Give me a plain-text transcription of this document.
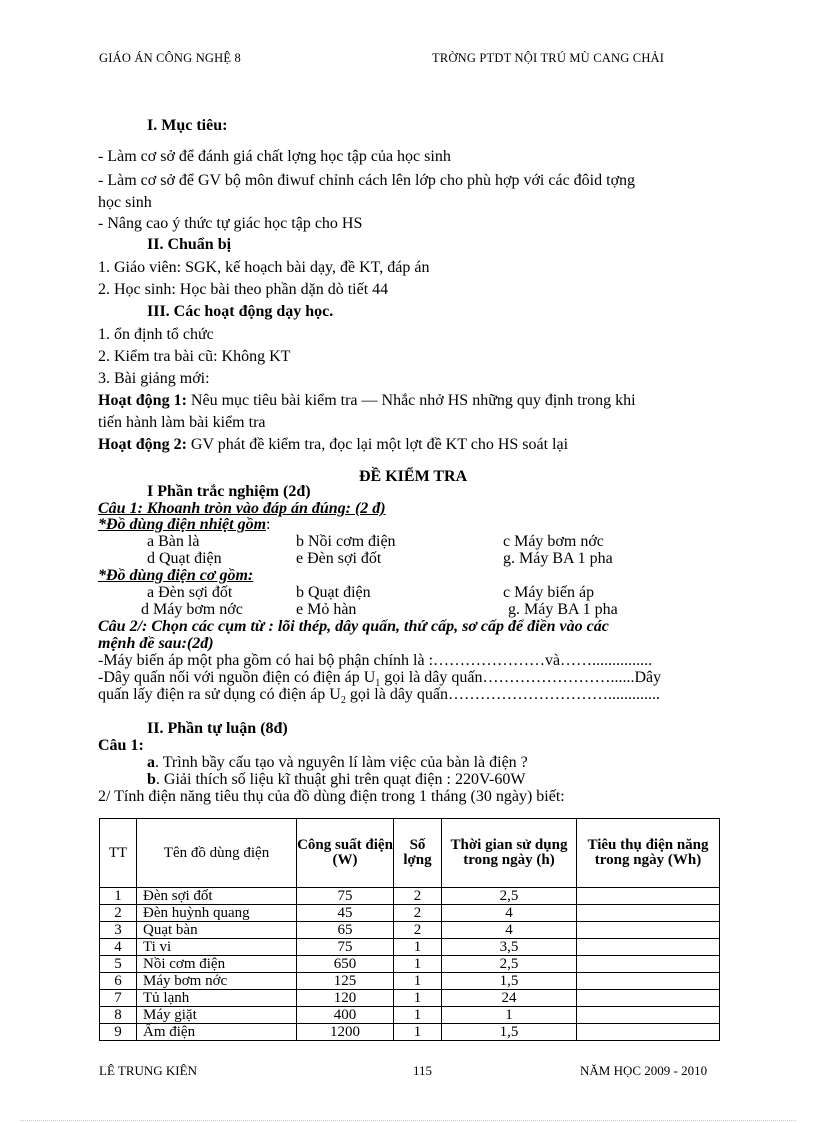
GIÁO ÁN CÔNG NGHỆ 8	TRỜNG PTDT NỘI TRÚ MÙ CANG CHẢI
I. Mục tiêu:
- Làm cơ sở để đánh giá chất lợng học tập của học sinh
- Làm cơ sở để GV bộ môn điwuf chỉnh cách lên lớp cho phù hợp với các đôid tợng
học sinh
- Nâng cao ý thức tự giác học tập cho HS
II. Chuẩn bị
1. Giáo viên: SGK, kế hoạch bài dạy, đề KT, đáp án
2. Học sinh: Học bài theo phần dặn dò tiết 44
III. Các hoạt động dạy học.
1. ổn định tổ chức
2. Kiểm tra bài cũ: Không KT
3. Bài giảng mới:
Hoạt động 1: Nêu mục tiêu bài kiểm tra — Nhắc nhở HS những quy định trong khi
tiến hành làm bài kiểm tra
Hoạt động 2: GV phát đề kiểm tra, đọc lại một lợt đề KT cho HS soát lại
ĐỀ KIỂM TRA
I Phần trắc nghiệm (2đ)
Câu 1: Khoanh tròn vào đáp án đúng: (2 đ)
*Đồ dùng điện nhiệt gồm:
a Bàn là	b Nồi cơm điện	c Máy bơm nớc
d Quạt điện	e Đèn sợi đốt	g. Máy BA 1 pha
*Đồ dùng điện cơ gồm:
a Đèn sợi đốt	b Quạt điện	c Máy biến áp
d Máy bơm nớc	e Mỏ hàn	g. Máy BA 1 pha
Câu 2/: Chọn các cụm từ : lõi thép, dây quấn, thứ cấp, sơ cấp để điền vào các
mệnh đề sau:(2đ)
-Máy biến áp một pha gồm có hai bộ phận chính là :…………………và……...............
-Dây quấn nối với nguồn điện có điện áp $U_1$ gọi là dây quấn……………………......Dây
quấn lấy điện ra sử dụng có điện áp $U_2$ gọi là dây quấn………………………….............
II. Phần tự luận (8đ)
Câu 1:
a. Trình bầy cấu tạo và nguyên lí làm việc của bàn là điện ?
b. Giải thích số liệu kĩ thuật ghi trên quạt điện : 220V-60W
2/ Tính điện năng tiêu thụ của đồ dùng điện trong 1 tháng (30 ngày) biết:
TT	Tên đồ dùng điện	Công suất điện (W)	Số lợng	Thời gian sử dụng trong ngày (h)	Tiêu thụ điện năng trong ngày (Wh)
1	Đèn sợi đốt	75	2	2,5	
2	Đèn huỳnh quang	45	2	4	
3	Quạt bàn	65	2	4	
4	Ti vi	75	1	3,5	
5	Nồi cơm điện	650	1	2,5	
6	Máy bơm nớc	125	1	1,5	
7	Tủ lạnh	120	1	24	
8	Máy giặt	400	1	1	
9	Ấm điện	1200	1	1,5	
LÊ TRUNG KIÊN	115	NĂM HỌC 2009 - 2010
